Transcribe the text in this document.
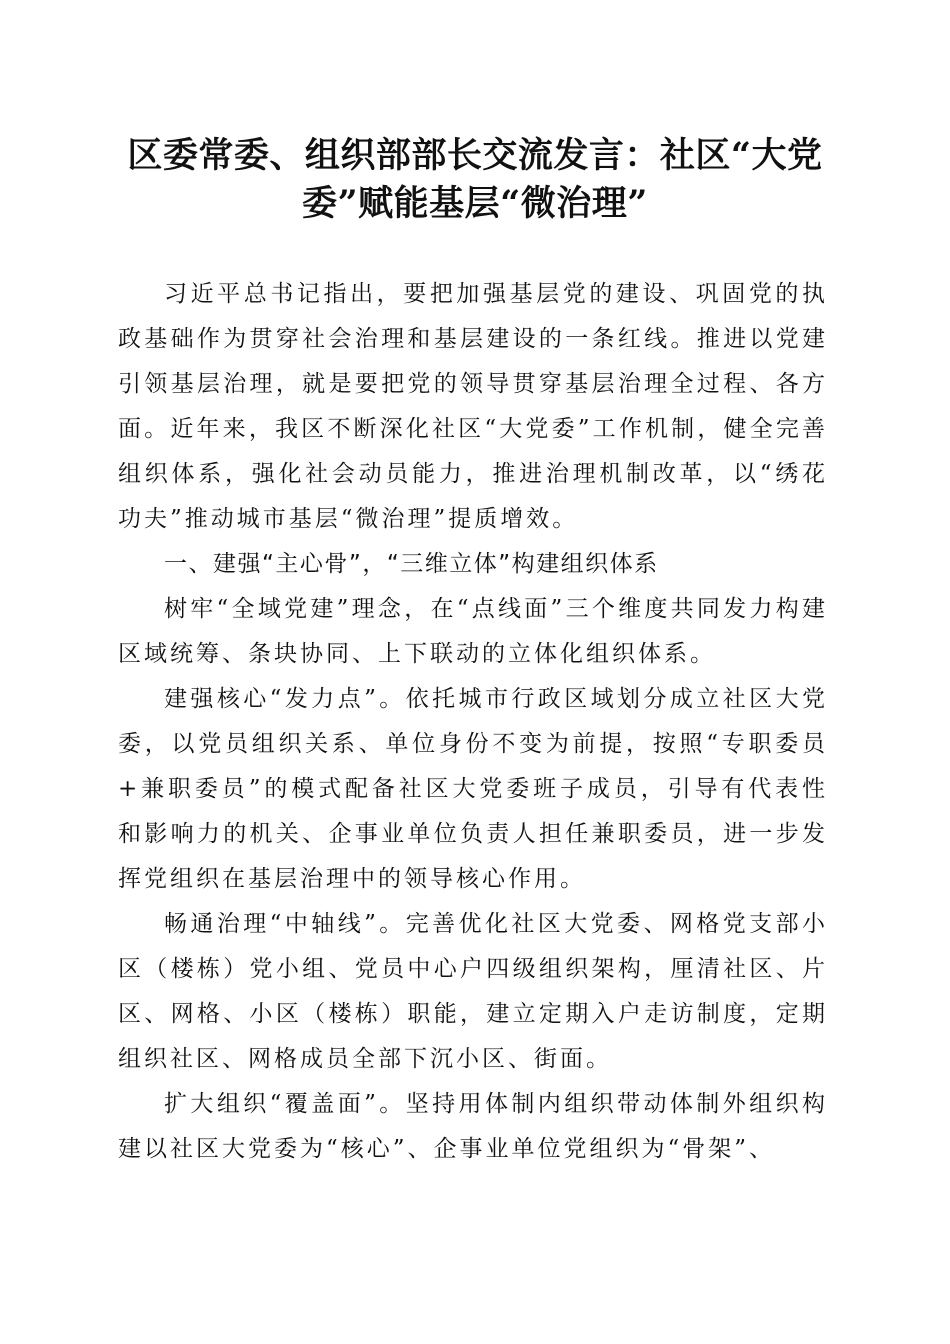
区委常委、组织部部长交流发言：社区“大党委”赋能基层“微治理”

习近平总书记指出，要把加强基层党的建设、巩固党的执政基础作为贯穿社会治理和基层建设的一条红线。推进以党建引领基层治理，就是要把党的领导贯穿基层治理全过程、各方面。近年来，我区不断深化社区“大党委”工作机制，健全完善组织体系，强化社会动员能力，推进治理机制改革，以“绣花功夫”推动城市基层“微治理”提质增效。

一、建强“主心骨”，“三维立体”构建组织体系

树牢“全域党建”理念，在“点线面”三个维度共同发力构建区域统筹、条块协同、上下联动的立体化组织体系。

建强核心“发力点”。依托城市行政区域划分成立社区大党委，以党员组织关系、单位身份不变为前提，按照“专职委员+兼职委员”的模式配备社区大党委班子成员，引导有代表性和影响力的机关、企事业单位负责人担任兼职委员，进一步发挥党组织在基层治理中的领导核心作用。

畅通治理“中轴线”。完善优化社区大党委、网格党支部小区（楼栋）党小组、党员中心户四级组织架构，厘清社区、片区、网格、小区（楼栋）职能，建立定期入户走访制度，定期组织社区、网格成员全部下沉小区、街面。

扩大组织“覆盖面”。坚持用体制内组织带动体制外组织构建以社区大党委为“核心”、企事业单位党组织为“骨架”、
